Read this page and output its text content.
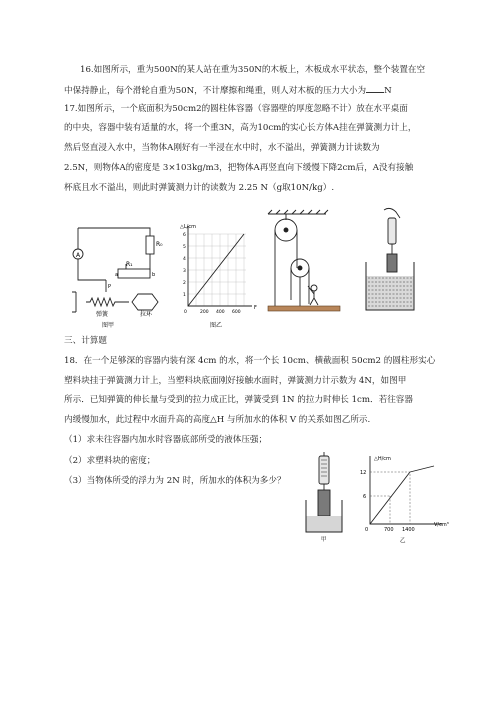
16.如图所示，重为500N的某人站在重为350N的木板上，木板成水平状态，整个装置在空
中保持静止，每个滑轮自重为50N，不计摩擦和绳重，则人对木板的压力大小为 N
17.如图所示，一个底面积为50cm2的圆柱体容器（容器壁的厚度忽略不计）放在水平桌面
的中央，容器中装有适量的水，将一个重3N，高为10cm的实心长方体A挂在弹簧测力计上，
然后竖直浸入水中，当物体A刚好有一半浸在水中时，水不溢出，弹簧测力计读数为
2.5N，则物体A的密度是 3×103kg/m3，把物体A再竖直向下缓慢下降2cm后，A没有接触
杯底且水不溢出，则此时弹簧测力计的读数为 2.25 N（g取10N/kg）.
A
R₀
R₁
a	b
P
弹簧	拉环
图甲
△L/cm
F
6
5
4
3
2
1
0	200 400 600
图乙
三、计算题
18．在一个足够深的容器内装有深 4cm 的水，将一个长 10cm、横截面积 50cm2 的圆柱形实心
塑料块挂于弹簧测力计上，当塑料块底面刚好接触水面时，弹簧测力计示数为 4N，如图甲
所示．已知弹簧的伸长量与受到的拉力成正比，弹簧受到 1N 的拉力时伸长 1cm．若往容器
内缓慢加水，此过程中水面升高的高度△H 与所加水的体积 V 的关系如图乙所示.
（1）求未往容器内加水时容器底部所受的液体压强；
（2）求塑料块的密度；
（3）当物体所受的浮力为 2N 时，所加水的体积为多少？
甲
△H/cm
V/cm³
12
6
0	700 1400
乙
